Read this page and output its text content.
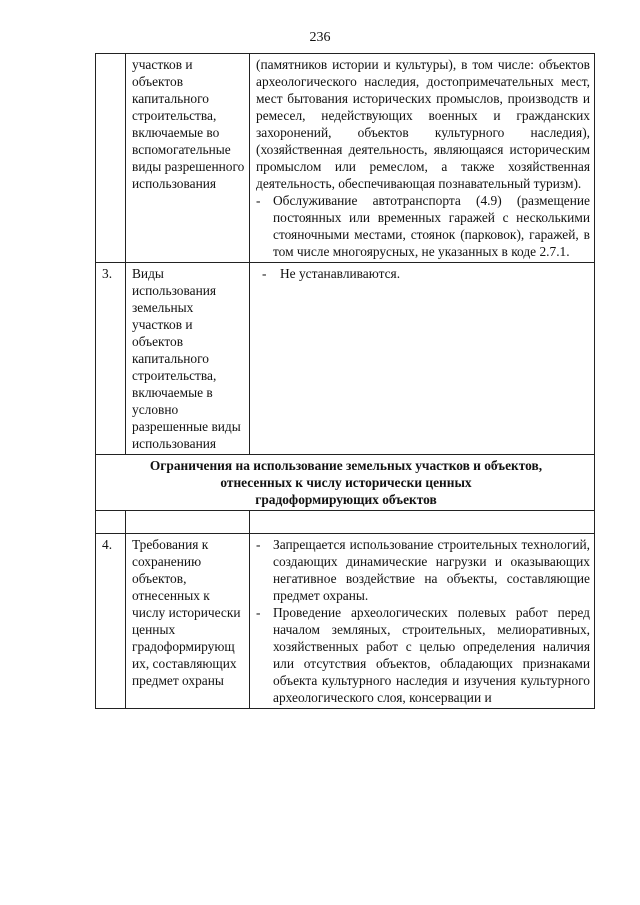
236
	участков и объектов капитального строительства, включаемые во вспомогательные виды разрешенного использования	(памятников истории и культуры), в том числе: объектов археологического наследия, достопримечательных мест, мест бытования исторических промыслов, производств и ремесел, недействующих военных и гражданских захоронений, объектов культурного наследия), (хозяйственная деятельность, являющаяся историческим промыслом или ремеслом, а также хозяйственная деятельность, обеспечивающая познавательный туризм).
- Обслуживание автотранспорта (4.9) (размещение постоянных или временных гаражей с несколькими стояночными местами, стоянок (парковок), гаражей, в том числе многоярусных, не указанных в коде 2.7.1.

3.	Виды использования земельных участков и объектов капитального строительства, включаемые в условно разрешенные виды использования	- Не устанавливаются.

Ограничения на использование земельных участков и объектов,
отнесенных к числу исторически ценных
градоформирующих объектов		

4.	Требования к сохранению объектов, отнесенных к числу исторически ценных градоформирующ их, составляющих предмет охраны	- Запрещается использование строительных технологий, создающих динамические нагрузки и оказывающих негативное воздействие на объекты, составляющие предмет охраны.
- Проведение археологических полевых работ перед началом земляных, строительных, мелиоративных, хозяйственных работ с целью определения наличия или отсутствия объектов, обладающих признаками объекта культурного наследия и изучения культурного археологического слоя, консервации и
